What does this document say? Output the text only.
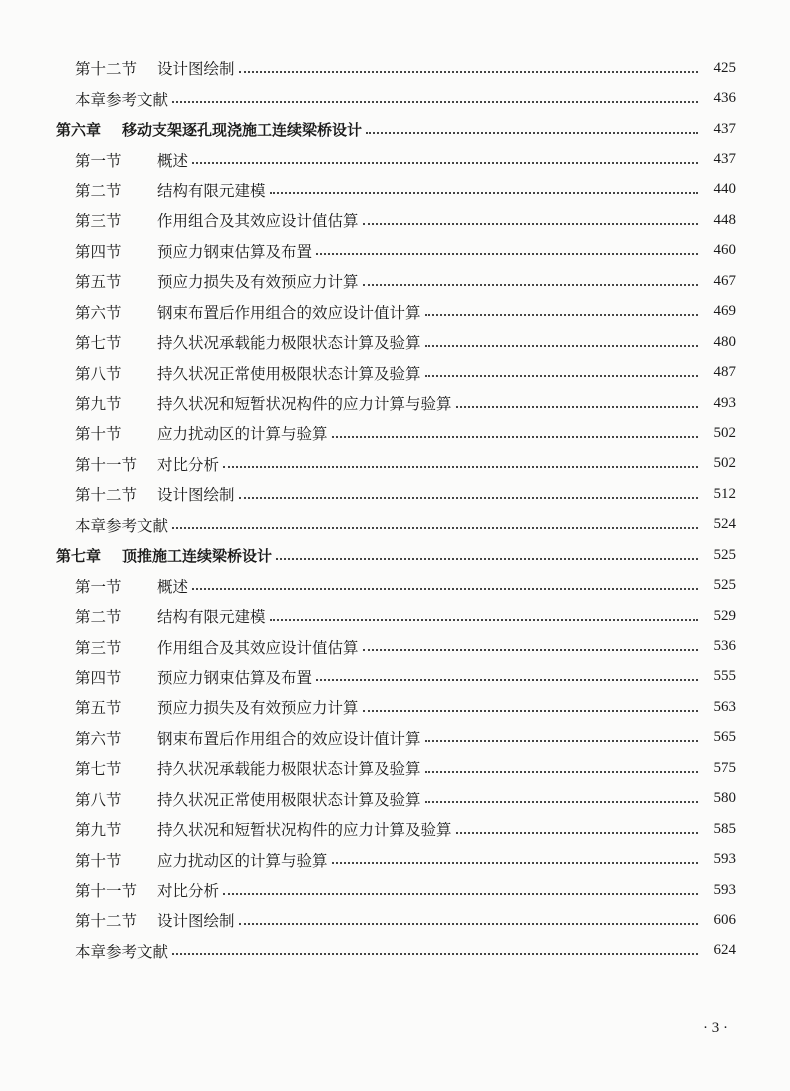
第十二节 设计图绘制	425
本章参考文献	436
第六章 移动支架逐孔现浇施工连续梁桥设计	437
第一节 概述	437
第二节 结构有限元建模	440
第三节 作用组合及其效应设计值估算	448
第四节 预应力钢束估算及布置	460
第五节 预应力损失及有效预应力计算	467
第六节 钢束布置后作用组合的效应设计值计算	469
第七节 持久状况承载能力极限状态计算及验算	480
第八节 持久状况正常使用极限状态计算及验算	487
第九节 持久状况和短暂状况构件的应力计算与验算	493
第十节 应力扰动区的计算与验算	502
第十一节 对比分析	502
第十二节 设计图绘制	512
本章参考文献	524
第七章 顶推施工连续梁桥设计	525
第一节 概述	525
第二节 结构有限元建模	529
第三节 作用组合及其效应设计值估算	536
第四节 预应力钢束估算及布置	555
第五节 预应力损失及有效预应力计算	563
第六节 钢束布置后作用组合的效应设计值计算	565
第七节 持久状况承载能力极限状态计算及验算	575
第八节 持久状况正常使用极限状态计算及验算	580
第九节 持久状况和短暂状况构件的应力计算及验算	585
第十节 应力扰动区的计算与验算	593
第十一节 对比分析	593
第十二节 设计图绘制	606
本章参考文献	624
· 3 ·
